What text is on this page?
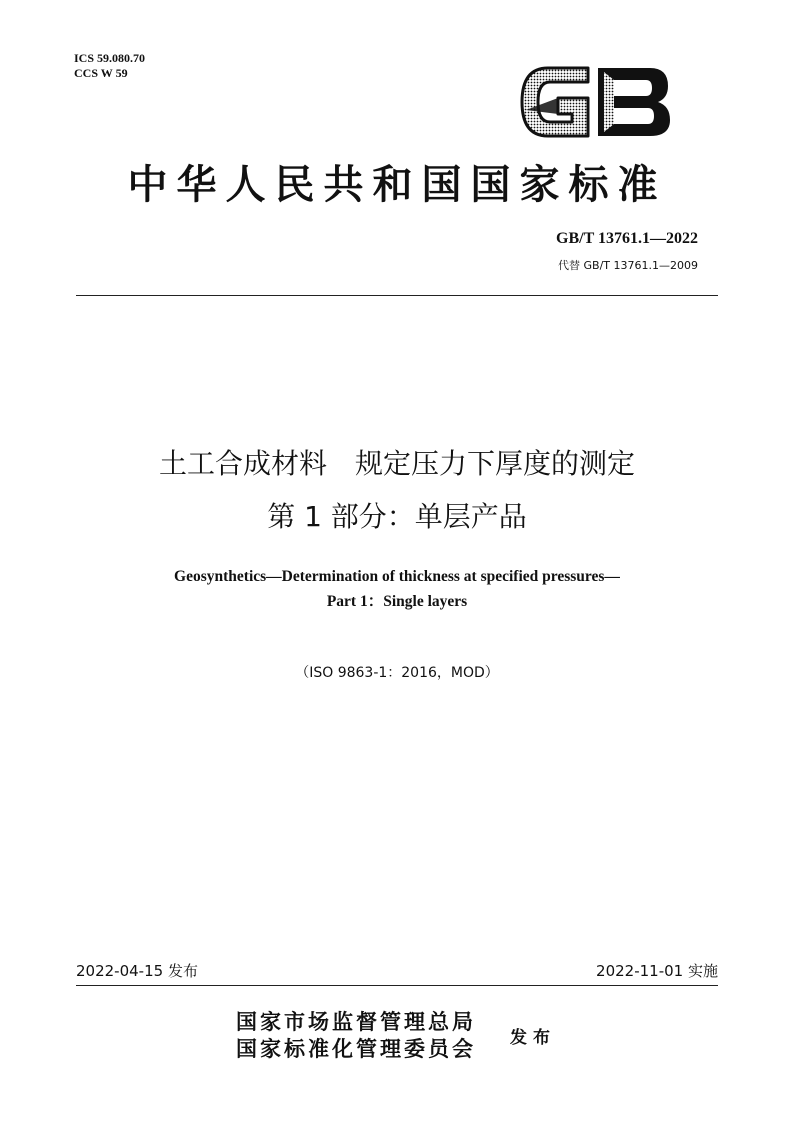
ICS 59.080.70
CCS W 59
中华人民共和国国家标准
GB/T 13761.1—2022
代替 GB/T 13761.1—2009
土工合成材料　规定压力下厚度的测定
第 1 部分：单层产品
Geosynthetics—Determination of thickness at specified pressures—
Part 1：Single layers
（ISO 9863-1：2016，MOD）
2022-04-15 发布	2022-11-01 实施
国家市场监督管理总局
国家标准化管理委员会 发布
